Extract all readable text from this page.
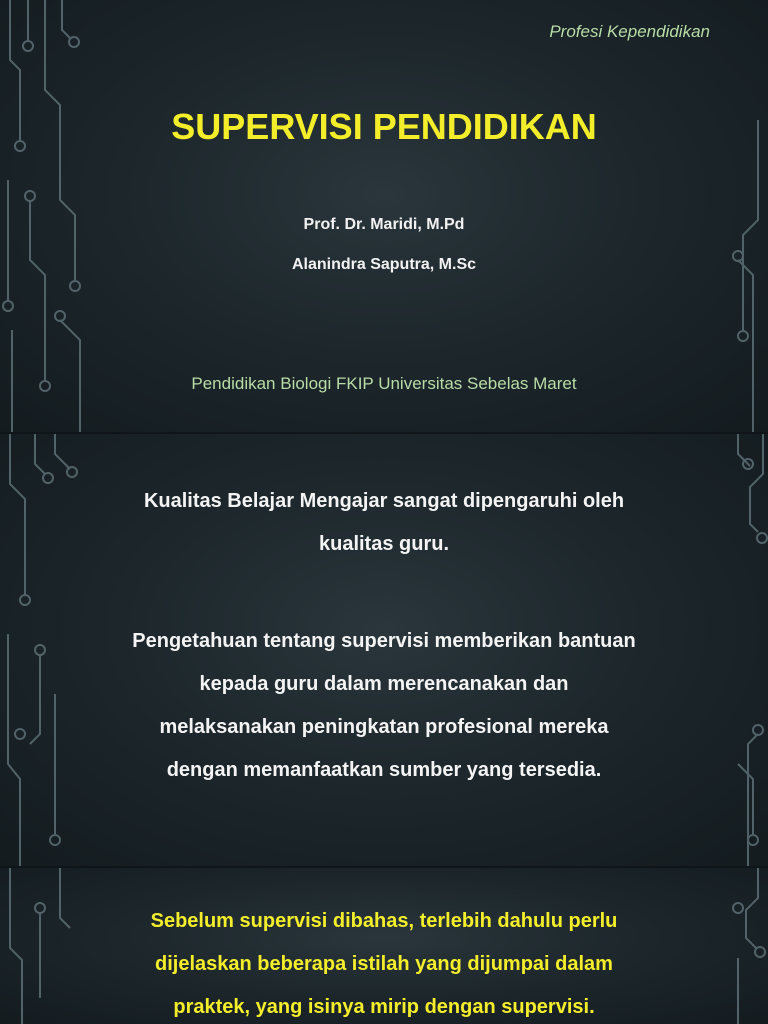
Profesi Kependidikan
SUPERVISI PENDIDIKAN
Prof. Dr. Maridi, M.Pd
Alanindra Saputra, M.Sc
Pendidikan Biologi FKIP Universitas Sebelas Maret
Kualitas Belajar Mengajar sangat dipengaruhi oleh
kualitas guru.
Pengetahuan tentang supervisi memberikan bantuan
kepada guru dalam merencanakan dan
melaksanakan peningkatan profesional mereka
dengan memanfaatkan sumber yang tersedia.
Sebelum supervisi dibahas, terlebih dahulu perlu
dijelaskan beberapa istilah yang dijumpai dalam
praktek, yang isinya mirip dengan supervisi.
